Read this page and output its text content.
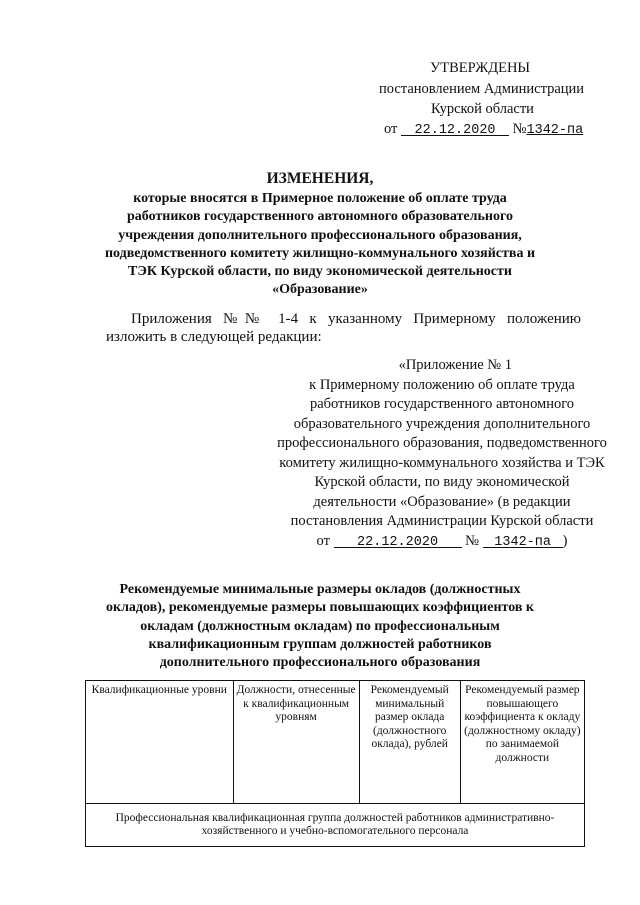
УТВЕРЖДЕНЫ
постановлением Администрации
Курской области
от 22.12.2020 №1342-па
ИЗМЕНЕНИЯ,
которые вносятся в Примерное положение об оплате труда работников государственного автономного образовательного учреждения дополнительного профессионального образования, подведомственного комитету жилищно-коммунального хозяйства и ТЭК Курской области, по виду экономической деятельности «Образование»
Приложения №№ 1-4 к указанному Примерному положению изложить в следующей редакции:
«Приложение № 1
к Примерному положению об оплате труда работников государственного автономного образовательного учреждения дополнительного профессионального образования, подведомственного комитету жилищно-коммунального хозяйства и ТЭК Курской области, по виду экономической деятельности «Образование» (в редакции постановления Администрации Курской области
от 22.12.2020 № 1342-па )
Рекомендуемые минимальные размеры окладов (должностных окладов), рекомендуемые размеры повышающих коэффициентов к окладам (должностным окладам) по профессиональным квалификационным группам должностей работников дополнительного профессионального образования
Квалификационные уровни	Должности, отнесенные к квалификационным уровням	Рекомендуемый минимальный размер оклада (должностного оклада), рублей	Рекомендуемый размер повышающего коэффициента к окладу (должностному окладу) по занимаемой должности
Профессиональная квалификационная группа должностей работников административно-хозяйственного и учебно-вспомогательного персонала
